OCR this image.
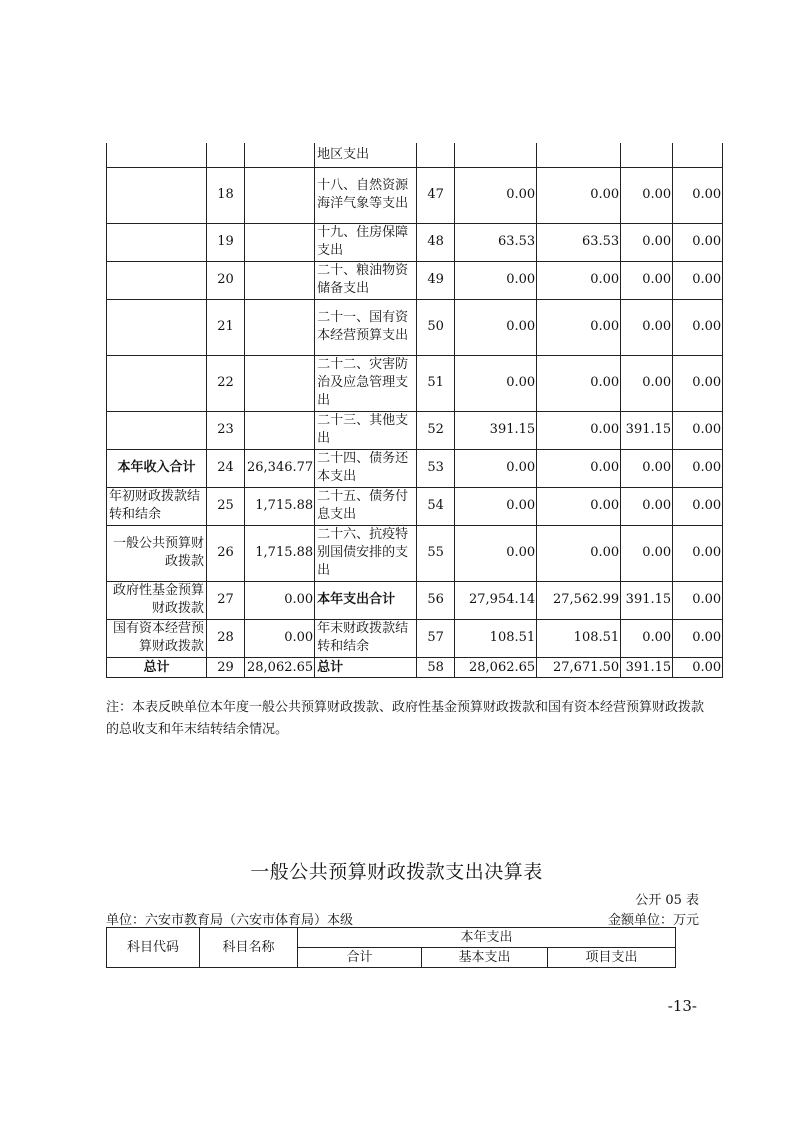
			地区支出					
	18		十八、自然资源海洋气象等支出	47	0.00	0.00	0.00	0.00
	19		十九、住房保障支出	48	63.53	63.53	0.00	0.00
	20		二十、粮油物资储备支出	49	0.00	0.00	0.00	0.00
	21		二十一、国有资本经营预算支出	50	0.00	0.00	0.00	0.00
	22		二十二、灾害防治及应急管理支出	51	0.00	0.00	0.00	0.00
	23		二十三、其他支出	52	391.15	0.00	391.15	0.00
本年收入合计	24	26,346.77	二十四、债务还本支出	53	0.00	0.00	0.00	0.00
年初财政拨款结转和结余	25	1,715.88	二十五、债务付息支出	54	0.00	0.00	0.00	0.00
一般公共预算财政拨款	26	1,715.88	二十六、抗疫特别国债安排的支出	55	0.00	0.00	0.00	0.00
政府性基金预算财政拨款	27	0.00	本年支出合计	56	27,954.14	27,562.99	391.15	0.00
国有资本经营预算财政拨款	28	0.00	年末财政拨款结转和结余	57	108.51	108.51	0.00	0.00
总计	29	28,062.65	总计	58	28,062.65	27,671.50	391.15	0.00
注：本表反映单位本年度一般公共预算财政拨款、政府性基金预算财政拨款和国有资本经营预算财政拨款的总收支和年末结转结余情况。
一般公共预算财政拨款支出决算表
公开 05 表
单位：六安市教育局（六安市体育局）本级	金额单位：万元
科目代码	科目名称	本年支出		
		合计	基本支出	项目支出
-13-
